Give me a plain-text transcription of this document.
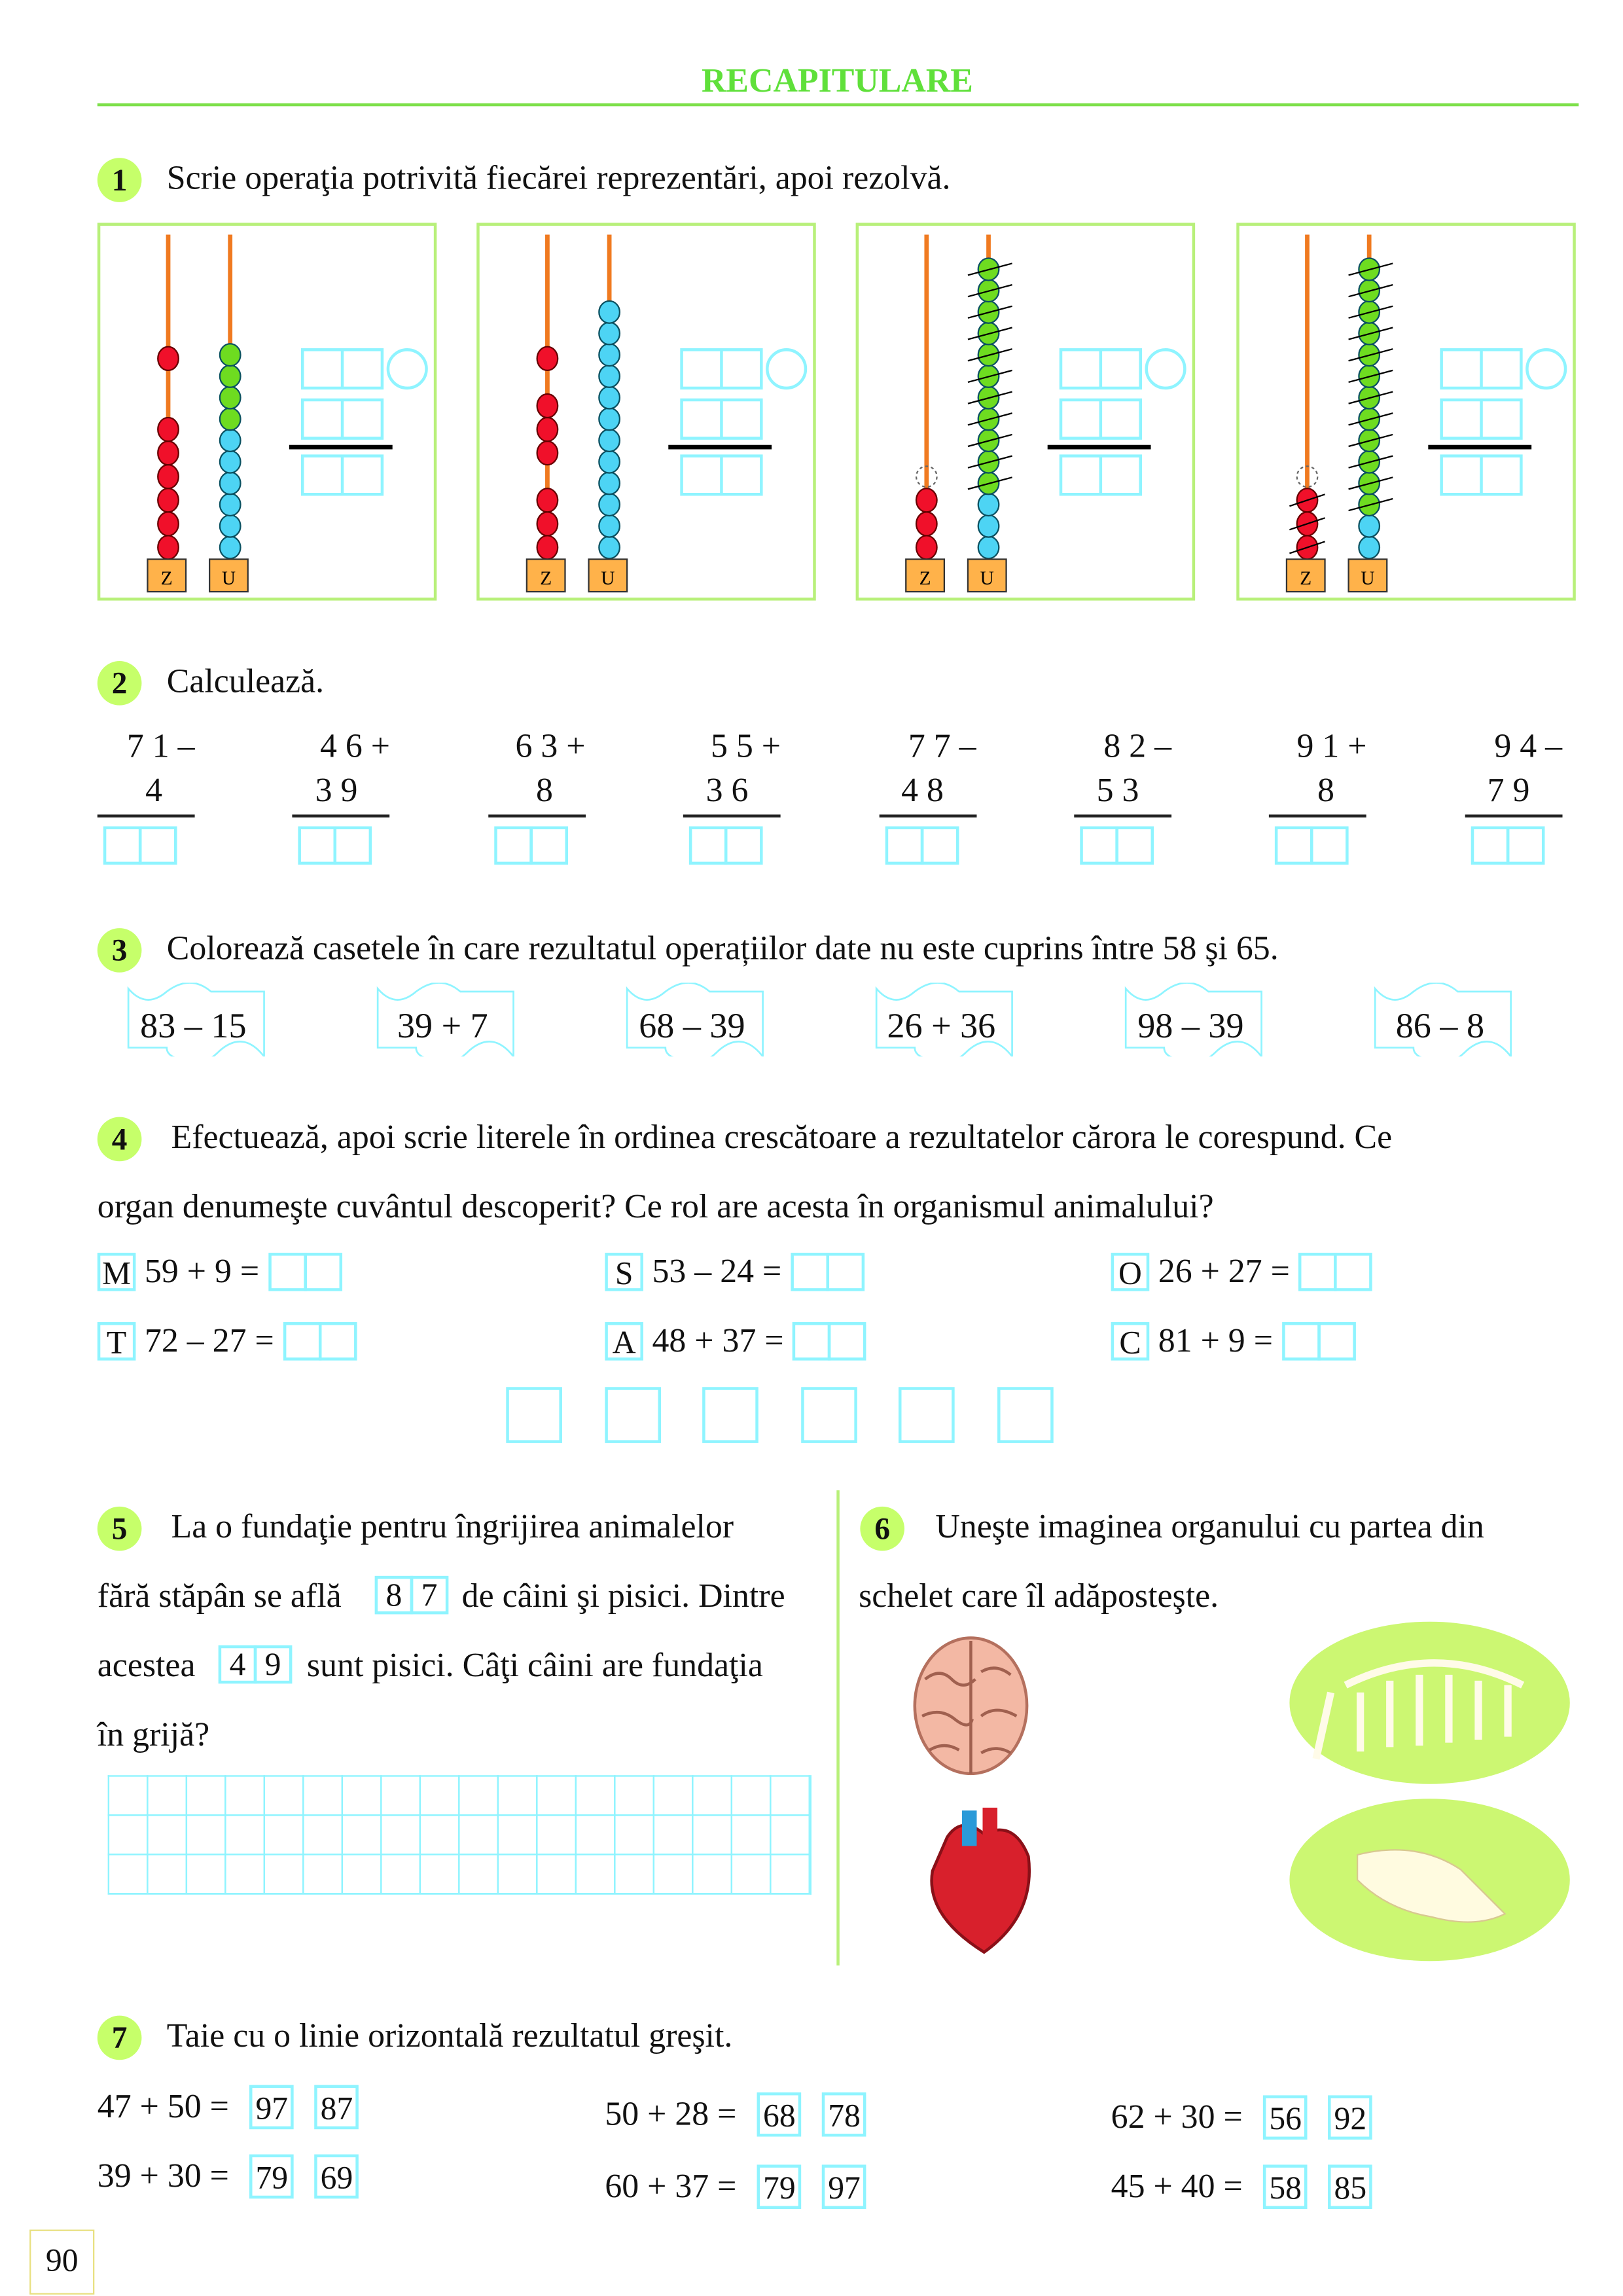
RECAPITULARE
1	Scrie operaţia potrivită fiecărei reprezentări, apoi rezolvă.
2	Calculează.
3	Colorează casetele în care rezultatul operațiilor date nu este cuprins între 58 şi 65.
4	Efectuează, apoi scrie literele în ordinea crescătoare a rezultatelor cărora le corespund. Ce
organ denumeşte cuvântul descoperit? Ce rol are acesta în organismul animalului?
5	La o fundaţie pentru îngrijirea animalelor
fără stăpân se află	8	7	de câini şi pisici. Dintre
acestea	4	9	sunt pisici. Câţi câini are fundaţia
în grijă?
6	Uneşte imaginea organului cu partea din
schelet care îl adăposteşte.
7	Taie cu o linie orizontală rezultatul greşit.
90
Z	U	Z	U	Z	U	Z	U
7 1 –
4
4 6 +
3 9
6 3 +
8
5 5 +
3 6
7 7 –
4 8
8 2 –
5 3
9 1 +
8
9 4 –
7 9
83 – 15	39 + 7	68 – 39	26 + 36	98 – 39	86 – 8
M 59 + 9 =	S	53 – 24 =	O	26 + 27 =
T	72 – 27 =	A	48 + 37 =	C	81 + 9 =
47 + 50 =	97	87	50 + 28 =	68	78	62 + 30 =	56	92
39 + 30 =	79	69	60 + 37 =	79	97	45 + 40 =	58	85
